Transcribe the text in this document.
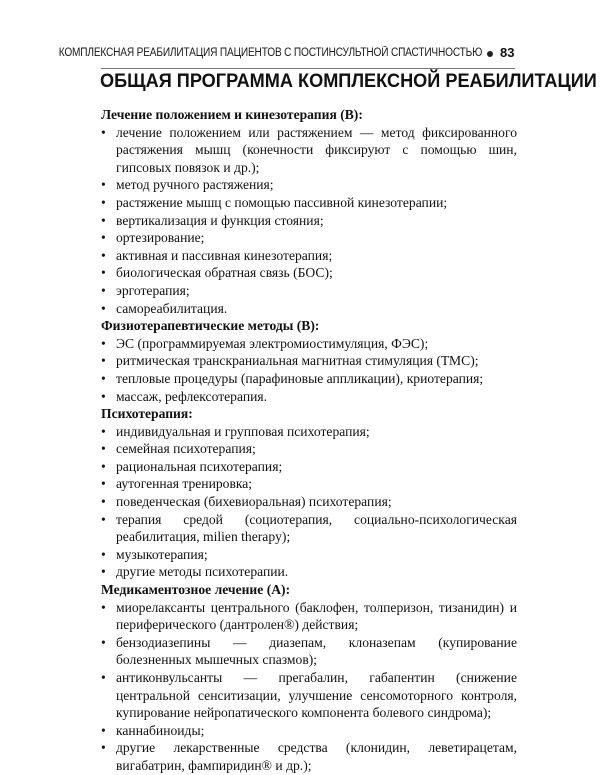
КОМПЛЕКСНАЯ РЕАБИЛИТАЦИЯ ПАЦИЕНТОВ С ПОСТИНСУЛЬТНОЙ СПАСТИЧНОСТЬЮ 83
ОБЩАЯ ПРОГРАММА КОМПЛЕКСНОЙ РЕАБИЛИТАЦИИ

Лечение положением и кинезотерапия (В):

• лечение положением или растяжением — метод фиксированного растяжения мышц (конечности фиксируют с помощью шин, гипсовых повязок и др.);
• метод ручного растяжения;
• растяжение мышц с помощью пассивной кинезотерапии;
• вертикализация и функция стояния;
• ортезирование;
• активная и пассивная кинезотерапия;
• биологическая обратная связь (БОС);
• эрготерапия;
• самореабилитация.

Физиотерапевтические методы (В):

• ЭС (программируемая электромиостимуляция, ФЭС);
• ритмическая транскраниальная магнитная стимуляция (ТМС);
• тепловые процедуры (парафиновые аппликации), криотерапия;
• массаж, рефлексотерапия.

Психотерапия:

• индивидуальная и групповая психотерапия;
• семейная психотерапия;
• рациональная психотерапия;
• аутогенная тренировка;
• поведенческая (бихевиоральная) психотерапия;
• терапия средой (социотерапия, социально-психологическая реабилитация, milien therapy);
• музыкотерапия;
• другие методы психотерапии.

Медикаментозное лечение (А):

• миорелаксанты центрального (баклофен, толперизон, тизанидин) и периферического (дантролен®) действия;
• бензодиазепины — диазепам, клоназепам (купирование болезненных мышечных спазмов);
• антиконвульсанты — прегабалин, габапентин (снижение центральной сенситизации, улучшение сенсомоторного контроля, купирование нейропатического компонента болевого синдрома);
• каннабиноиды;
• другие лекарственные средства (клонидин, леветирацетам, вигабатрин, фампиридин® и др.);
